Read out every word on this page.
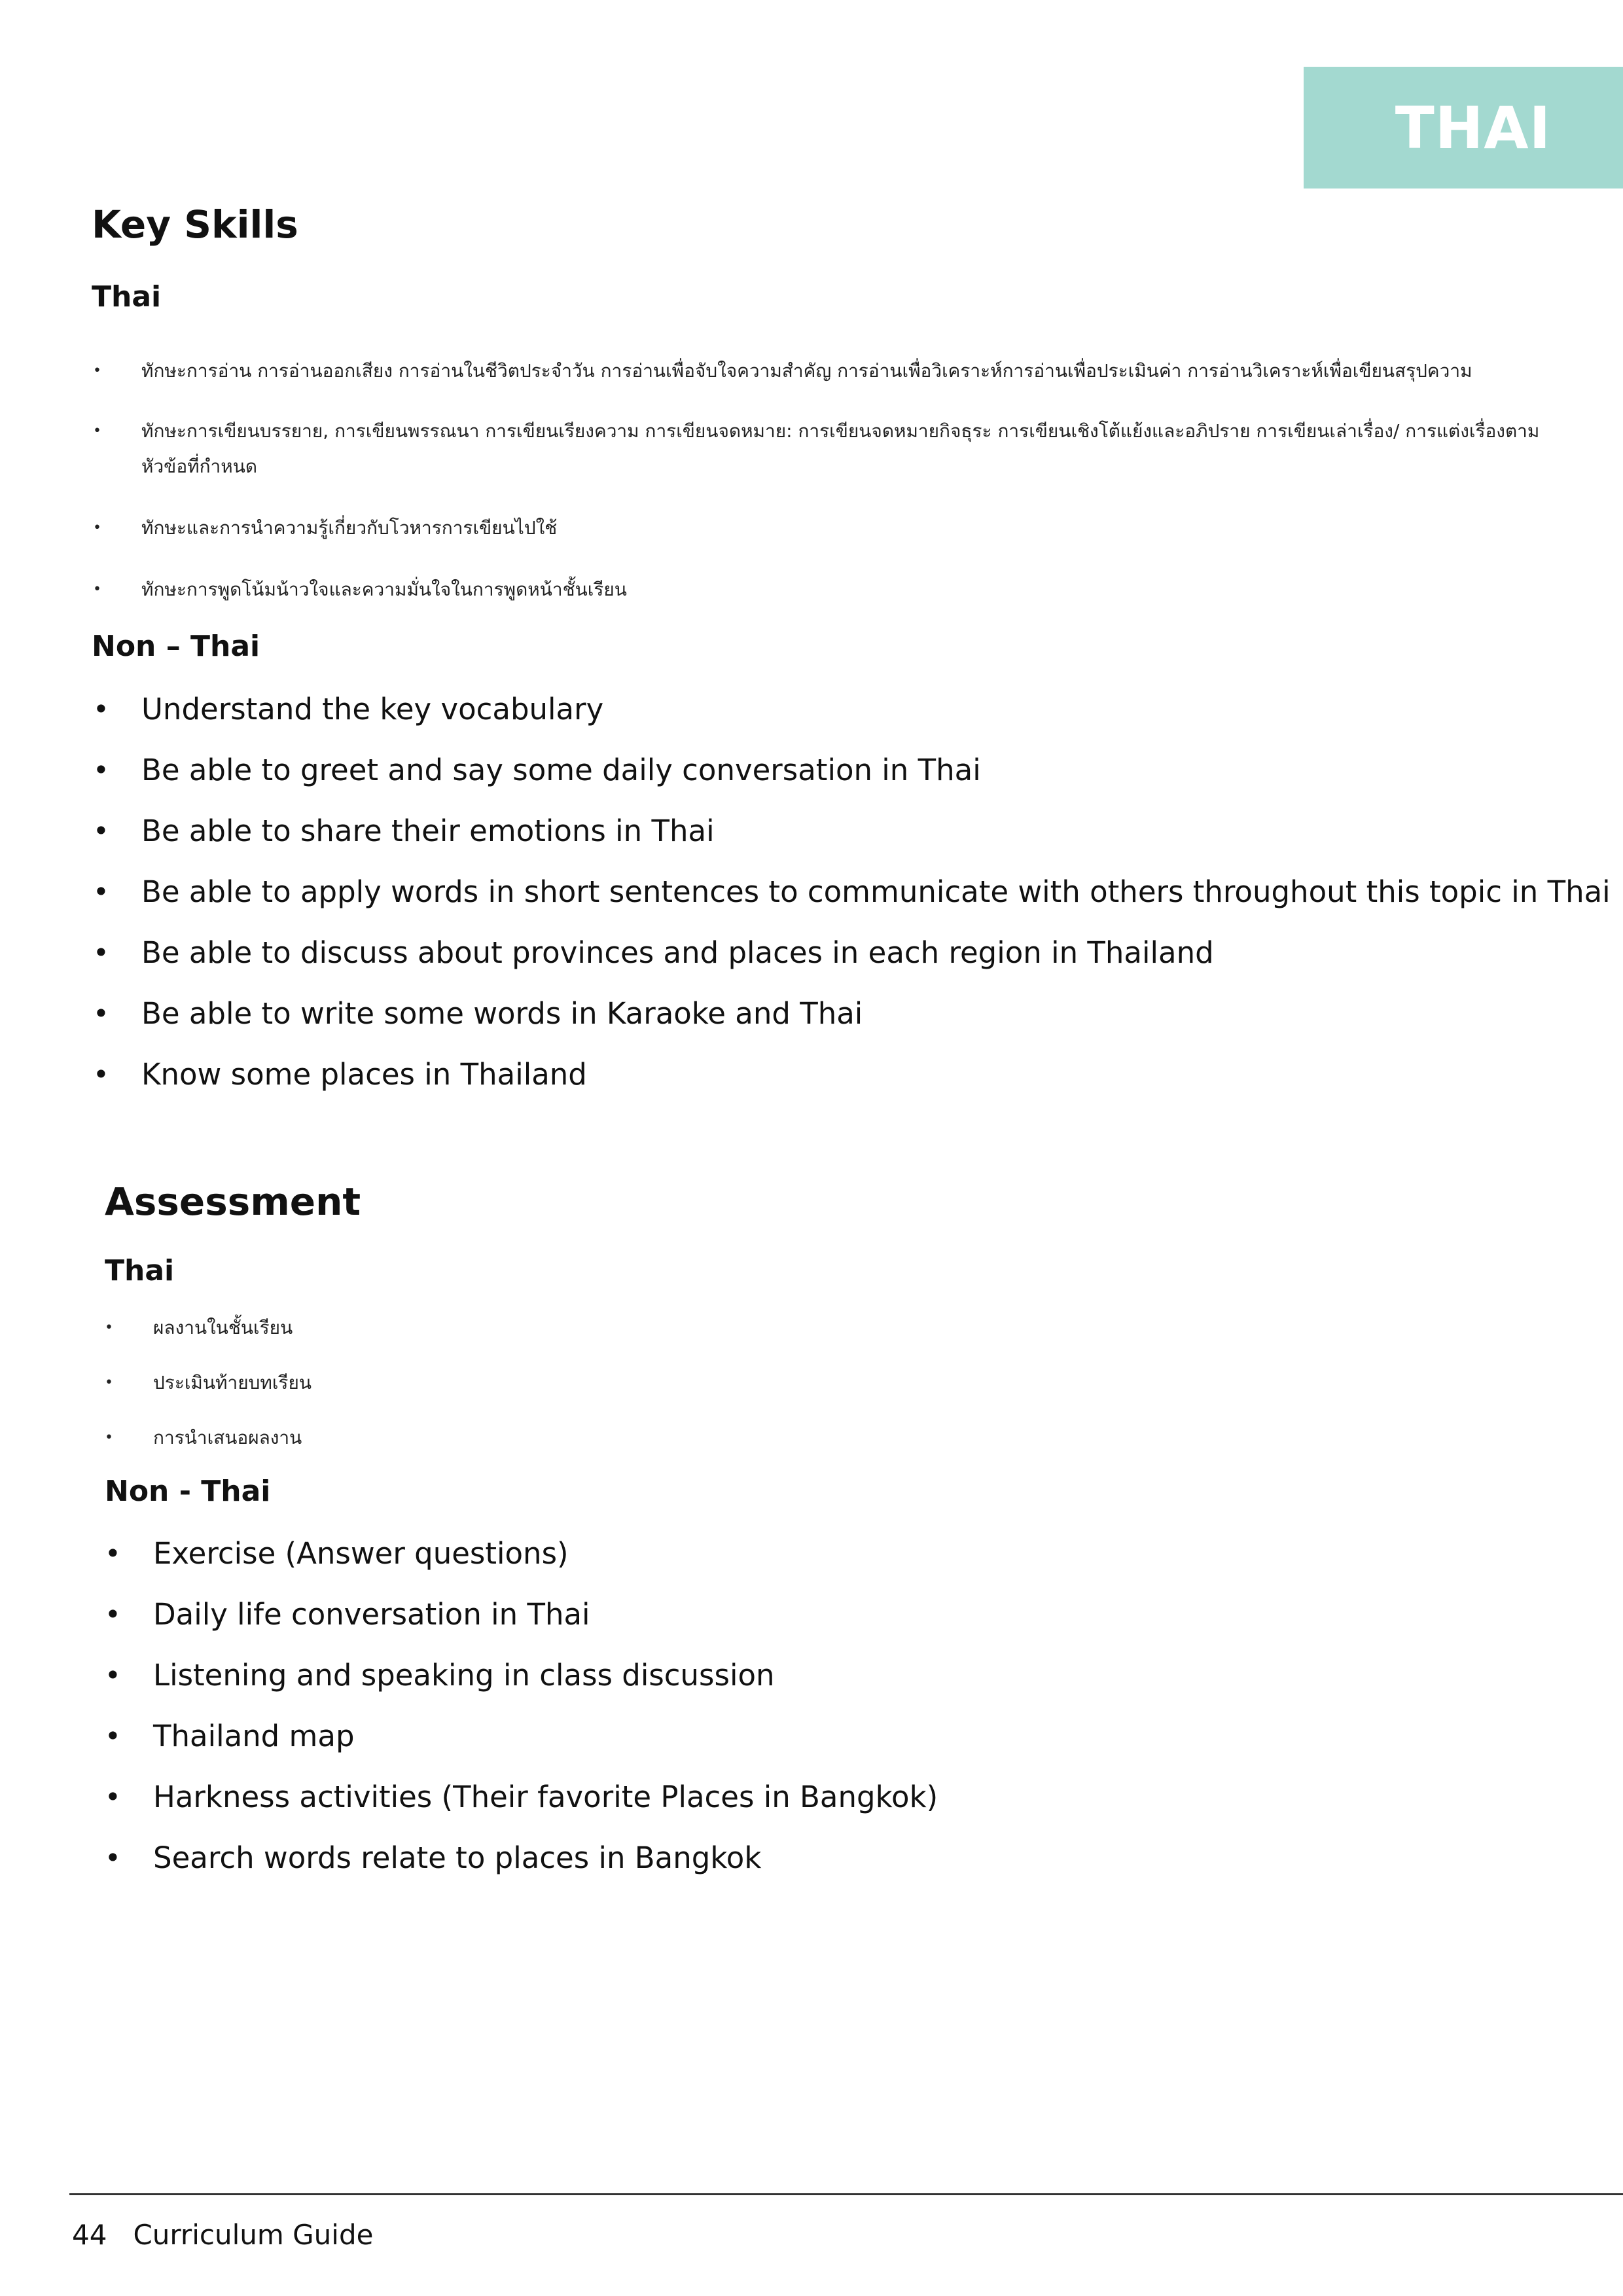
THAI
Key Skills
Thai
• ทักษะการอ่าน การอ่านออกเสียง การอ่านในชีวิตประจำวัน การอ่านเพื่อจับใจความสำคัญ การอ่านเพื่อวิเคราะห์การอ่านเพื่อประเมินค่า การอ่านวิเคราะห์เพื่อเขียนสรุปความ
• ทักษะการเขียนบรรยาย, การเขียนพรรณนา การเขียนเรียงความ การเขียนจดหมาย: การเขียนจดหมายกิจธุระ การเขียนเชิงโต้แย้งและอภิปราย การเขียนเล่าเรื่อง/ การแต่งเรื่องตามหัวข้อที่กำหนด
• ทักษะและการนำความรู้เกี่ยวกับโวหารการเขียนไปใช้
• ทักษะการพูดโน้มน้าวใจและความมั่นใจในการพูดหน้าชั้นเรียน
Non – Thai
• Understand the key vocabulary
• Be able to greet and say some daily conversation in Thai
• Be able to share their emotions in Thai
• Be able to apply words in short sentences to communicate with others throughout this topic in Thai
• Be able to discuss about provinces and places in each region in Thailand
• Be able to write some words in Karaoke and Thai
• Know some places in Thailand
Assessment
Thai
• ผลงานในชั้นเรียน
• ประเมินท้ายบทเรียน
• การนำเสนอผลงาน
Non - Thai
• Exercise (Answer questions)
• Daily life conversation in Thai
• Listening and speaking in class discussion
• Thailand map
• Harkness activities (Their favorite Places in Bangkok)
• Search words relate to places in Bangkok
44 Curriculum Guide
